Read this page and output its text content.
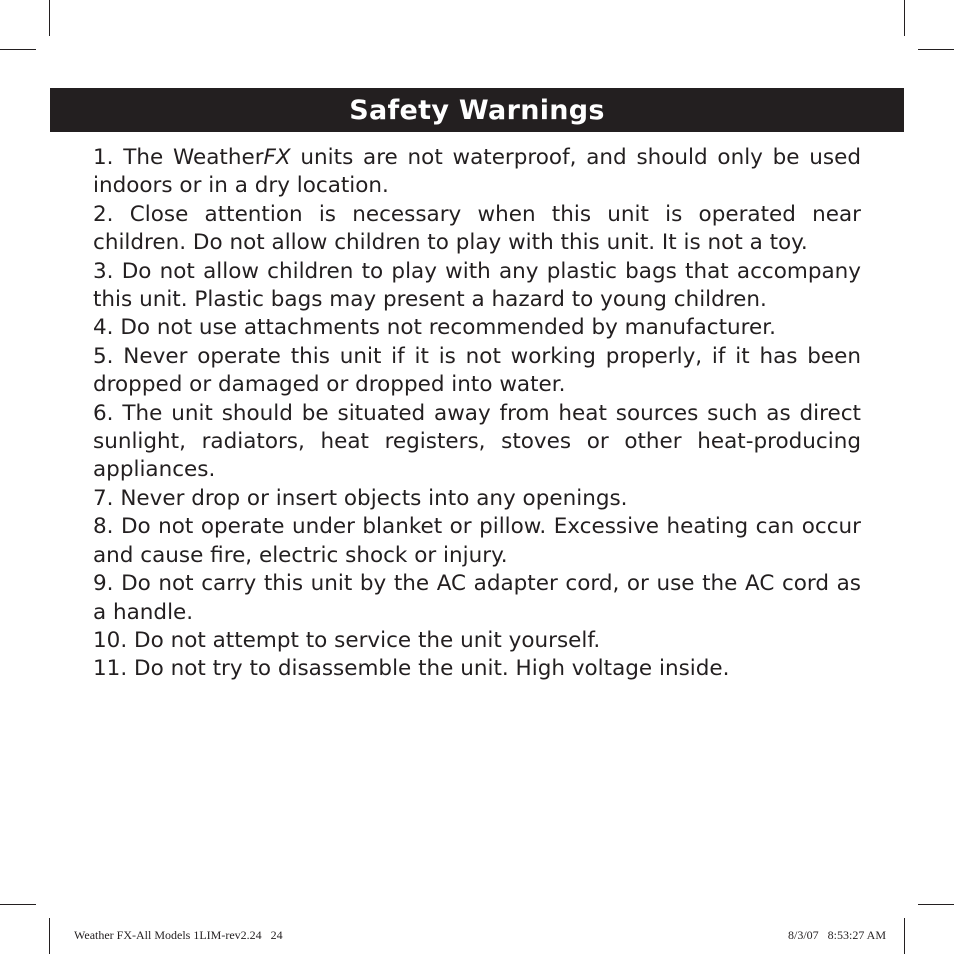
Safety Warnings

1. The WeatherFX units are not waterproof, and should only be used indoors or in a dry location.

2. Close attention is necessary when this unit is operated near children. Do not allow children to play with this unit. It is not a toy.

3. Do not allow children to play with any plastic bags that accompany this unit. Plastic bags may present a hazard to young children.

4. Do not use attachments not recommended by manufacturer.

5. Never operate this unit if it is not working properly, if it has been dropped or damaged or dropped into water.

6. The unit should be situated away from heat sources such as direct sunlight, radiators, heat registers, stoves or other heat-producing appliances.

7. Never drop or insert objects into any openings.

8. Do not operate under blanket or pillow. Excessive heating can occur and cause fire, electric shock or injury.

9. Do not carry this unit by the AC adapter cord, or use the AC cord as a handle.

10. Do not attempt to service the unit yourself.

11. Do not try to disassemble the unit. High voltage inside.

Weather FX-All Models 1LIM-rev2.24   24	8/3/07   8:53:27 AM
